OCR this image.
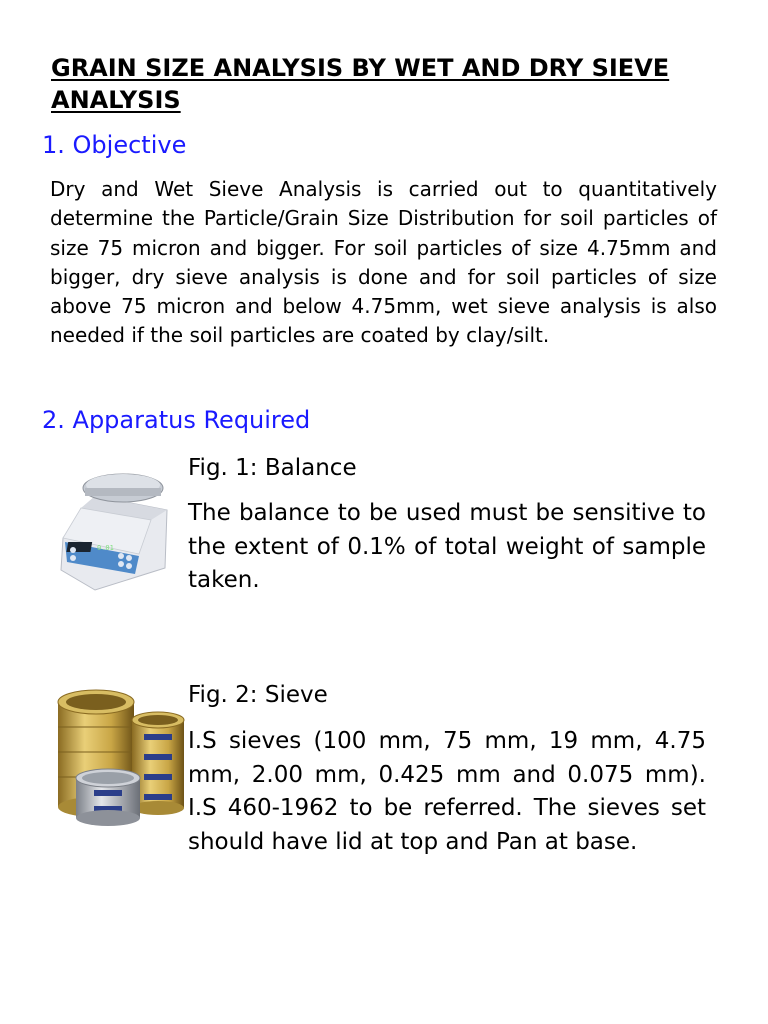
GRAIN SIZE ANALYSIS BY WET AND DRY SIEVE ANALYSIS
1. Objective

Dry and Wet Sieve Analysis is carried out to quantitatively determine the Particle/Grain Size Distribution for soil particles of size 75 micron and bigger. For soil particles of size 4.75mm and bigger, dry sieve analysis is done and for soil particles of size above 75 micron and below 4.75mm, wet sieve analysis is also needed if the soil particles are coated by clay/silt.

2. Apparatus Required
0.01

Fig. 1: Balance

The balance to be used must be sensitive to the extent of 0.1% of total weight of sample taken.

Fig. 2: Sieve

I.S sieves (100 mm, 75 mm, 19 mm, 4.75 mm, 2.00 mm, 0.425 mm and 0.075 mm). I.S 460-1962 to be referred. The sieves set should have lid at top and Pan at base.
